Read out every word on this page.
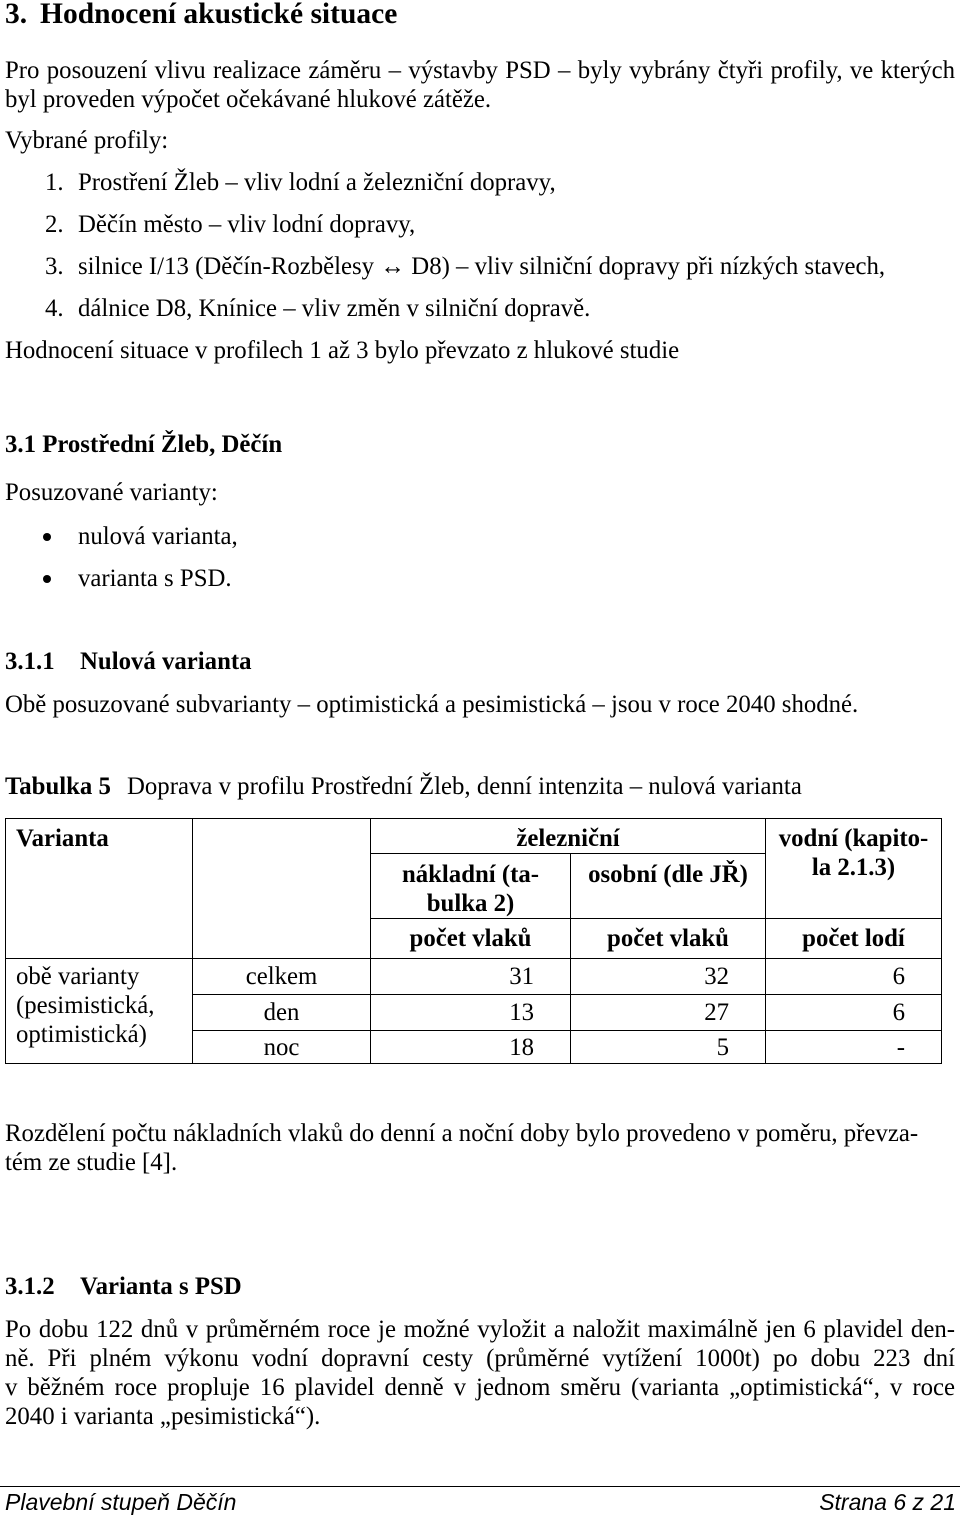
3. Hodnocení akustické situace
Pro posouzení vlivu realizace záměru – výstavby PSD – byly vybrány čtyři profily, ve kterých
byl proveden výpočet očekávané hlukové zátěže.
Vybrané profily:
1. Prostření Žleb – vliv lodní a železniční dopravy,
2. Děčín město – vliv lodní dopravy,
3. silnice I/13 (Děčín-Rozbělesy ↔ D8) – vliv silniční dopravy při nízkých stavech,
4. dálnice D8, Knínice – vliv změn v silniční dopravě.
Hodnocení situace v profilech 1 až 3 bylo převzato z hlukové studie
3.1 Prostřední Žleb, Děčín
Posuzované varianty:
nulová varianta,
varianta s PSD.
3.1.1 Nulová varianta
Obě posuzované subvarianty – optimistická a pesimistická – jsou v roce 2040 shodné.
Tabulka 5 Doprava v profilu Prostřední Žleb, denní intenzita – nulová varianta
Varianta		železniční		vodní (kapito-
la 2.1.3)
		nákladní (ta-
bulka 2)	osobní (dle JŘ)	
		počet vlaků	počet vlaků	počet lodí
obě varianty (pesimistická, optimistická)	celkem	31	32	6
	den	13	27	6
	noc	18	5	-
Rozdělení počtu nákladních vlaků do denní a noční doby bylo provedeno v poměru, převza-
tém ze studie [4].
3.1.2 Varianta s PSD
Po dobu 122 dnů v průměrném roce je možné vyložit a naložit maximálně jen 6 plavidel den-
ně. Při plném výkonu vodní dopravní cesty (průměrné vytížení 1000t) po dobu 223 dní
v běžném roce propluje 16 plavidel denně v jednom směru (varianta „optimistická“, v roce
2040 i varianta „pesimistická“).
Plavební stupeň Děčín	Strana 6 z 21
